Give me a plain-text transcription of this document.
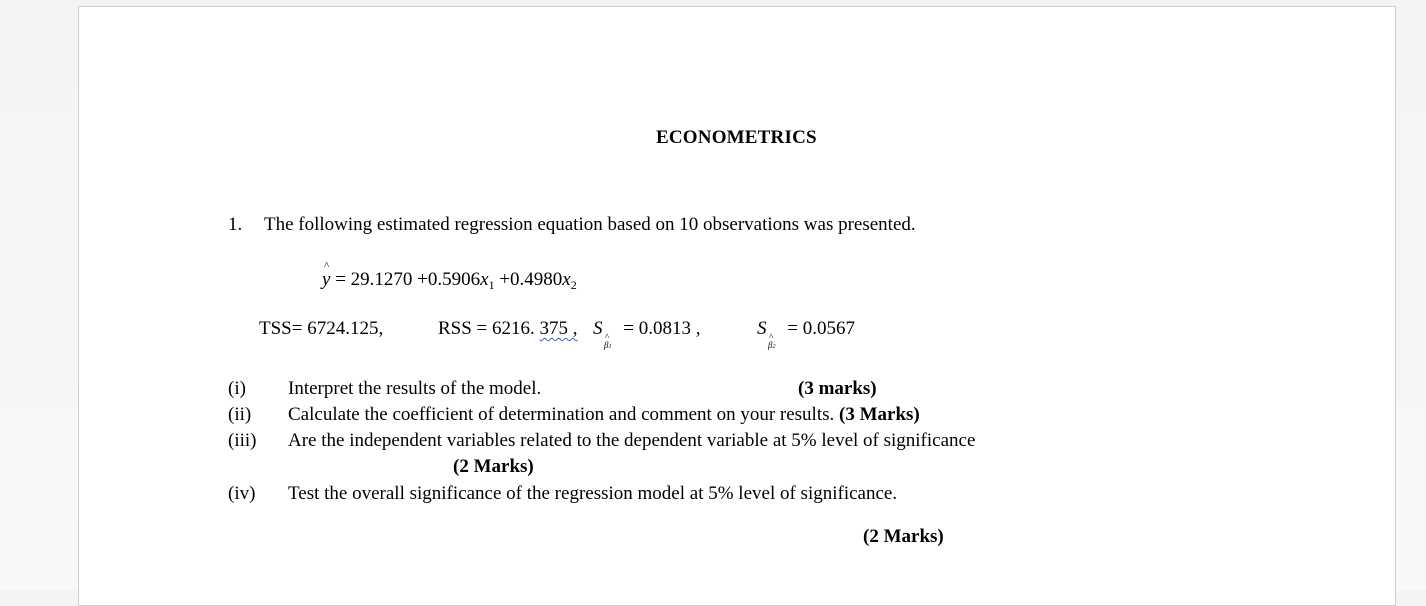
ECONOMETRICS
1. The following estimated regression equation based on 10 observations was presented.
^
$y = 29.1270 +0.5906x_1 +0.4980x_2$
TSS= 6724.125,	RSS = 6216. 375 , S ^
β1
= 0.0813 ,	S ^
β2
= 0.0567
(i) Interpret the results of the model.	(3 marks)
(ii) Calculate the coefficient of determination and comment on your results. (3 Marks)
(iii) Are the independent variables related to the dependent variable at 5% level of significance
(2 Marks)
(iv) Test the overall significance of the regression model at 5% level of significance.
(2 Marks)
